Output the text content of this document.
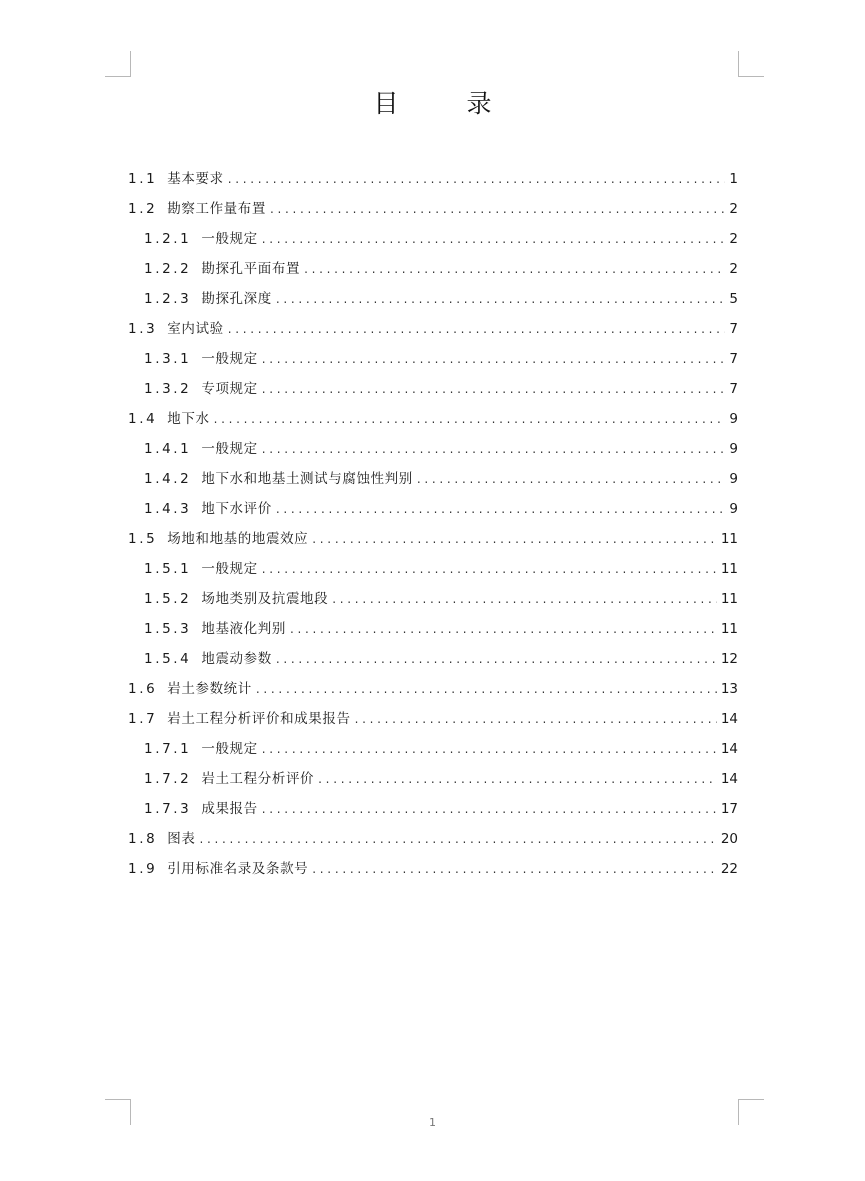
目 录
1.1 基本要求 .....	1
1.2 勘察工作量布置 .....	2
1.2.1 一般规定 .....	2
1.2.2 勘探孔平面布置 .....	2
1.2.3 勘探孔深度 .....	5
1.3 室内试验 .....	7
1.3.1 一般规定 .....	7
1.3.2 专项规定 .....	7
1.4 地下水 .....	9
1.4.1 一般规定 .....	9
1.4.2 地下水和地基土测试与腐蚀性判别 .....	9
1.4.3 地下水评价 .....	9
1.5 场地和地基的地震效应 .....	11
1.5.1 一般规定 .....	11
1.5.2 场地类别及抗震地段 .....	11
1.5.3 地基液化判别 .....	11
1.5.4 地震动参数 .....	12
1.6 岩土参数统计 .....	13
1.7 岩土工程分析评价和成果报告 .....	14
1.7.1 一般规定 .....	14
1.7.2 岩土工程分析评价 .....	14
1.7.3 成果报告 .....	17
1.8 图表 .....	20
1.9 引用标准名录及条款号 .....	22
1
